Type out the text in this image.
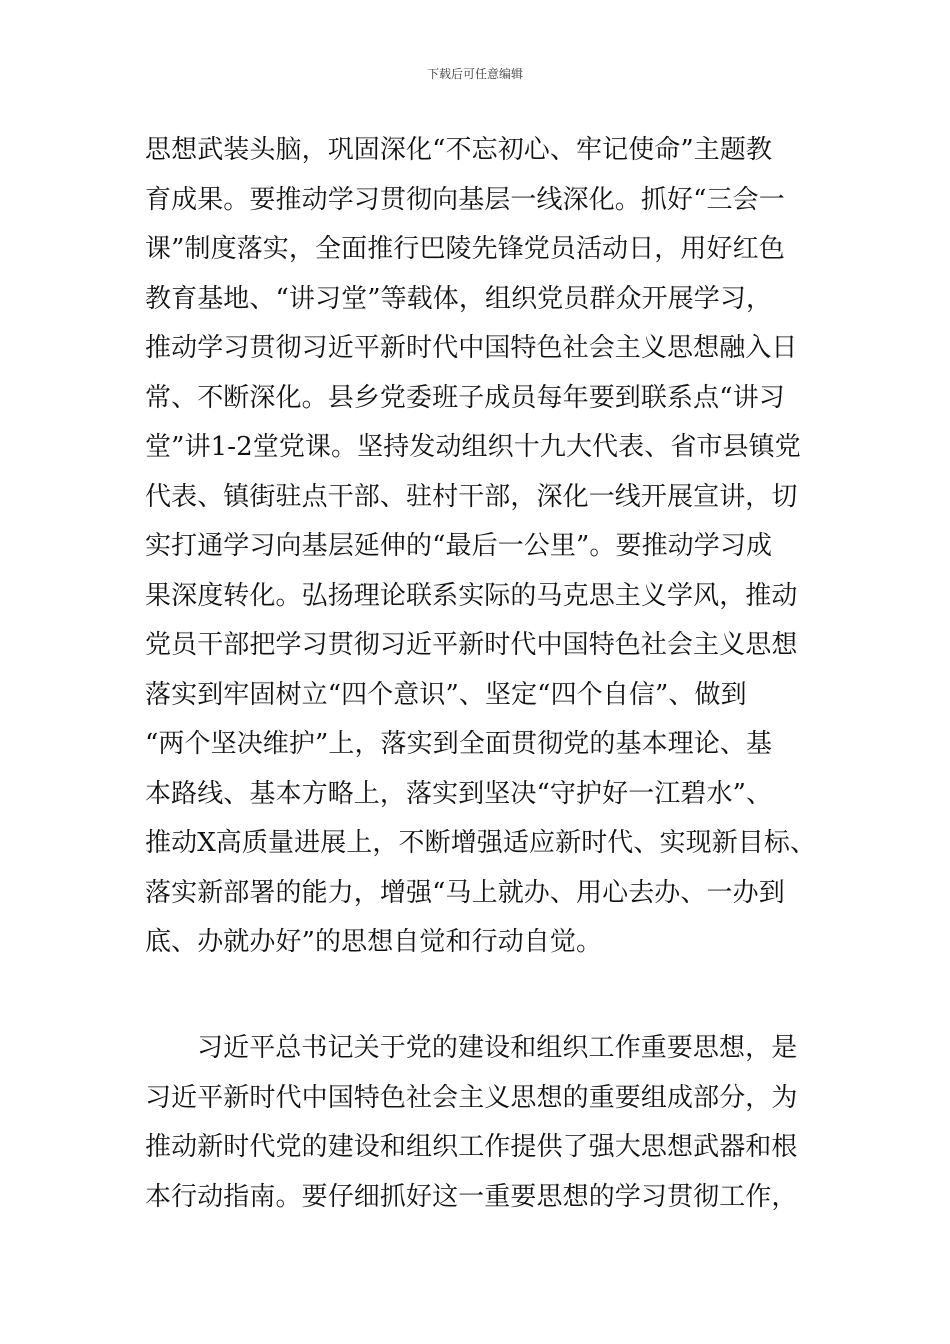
下载后可任意编辑
思想武装头脑，巩固深化“不忘初心、牢记使命”主题教
育成果。要推动学习贯彻向基层一线深化。抓好“三会一
课”制度落实，全面推行巴陵先锋党员活动日，用好红色
教育基地、“讲习堂”等载体，组织党员群众开展学习，
推动学习贯彻习近平新时代中国特色社会主义思想融入日
常、不断深化。县乡党委班子成员每年要到联系点“讲习
堂”讲1-2堂党课。坚持发动组织十九大代表、省市县镇党
代表、镇街驻点干部、驻村干部，深化一线开展宣讲，切
实打通学习向基层延伸的“最后一公里”。要推动学习成
果深度转化。弘扬理论联系实际的马克思主义学风，推动
党员干部把学习贯彻习近平新时代中国特色社会主义思想
落实到牢固树立“四个意识”、坚定“四个自信”、做到
“两个坚决维护”上，落实到全面贯彻党的基本理论、基
本路线、基本方略上，落实到坚决“守护好一江碧水”、
推动X高质量进展上，不断增强适应新时代、实现新目标、
落实新部署的能力，增强“马上就办、用心去办、一办到
底、办就办好”的思想自觉和行动自觉。
习近平总书记关于党的建设和组织工作重要思想，是
习近平新时代中国特色社会主义思想的重要组成部分，为
推动新时代党的建设和组织工作提供了强大思想武器和根
本行动指南。要仔细抓好这一重要思想的学习贯彻工作，
